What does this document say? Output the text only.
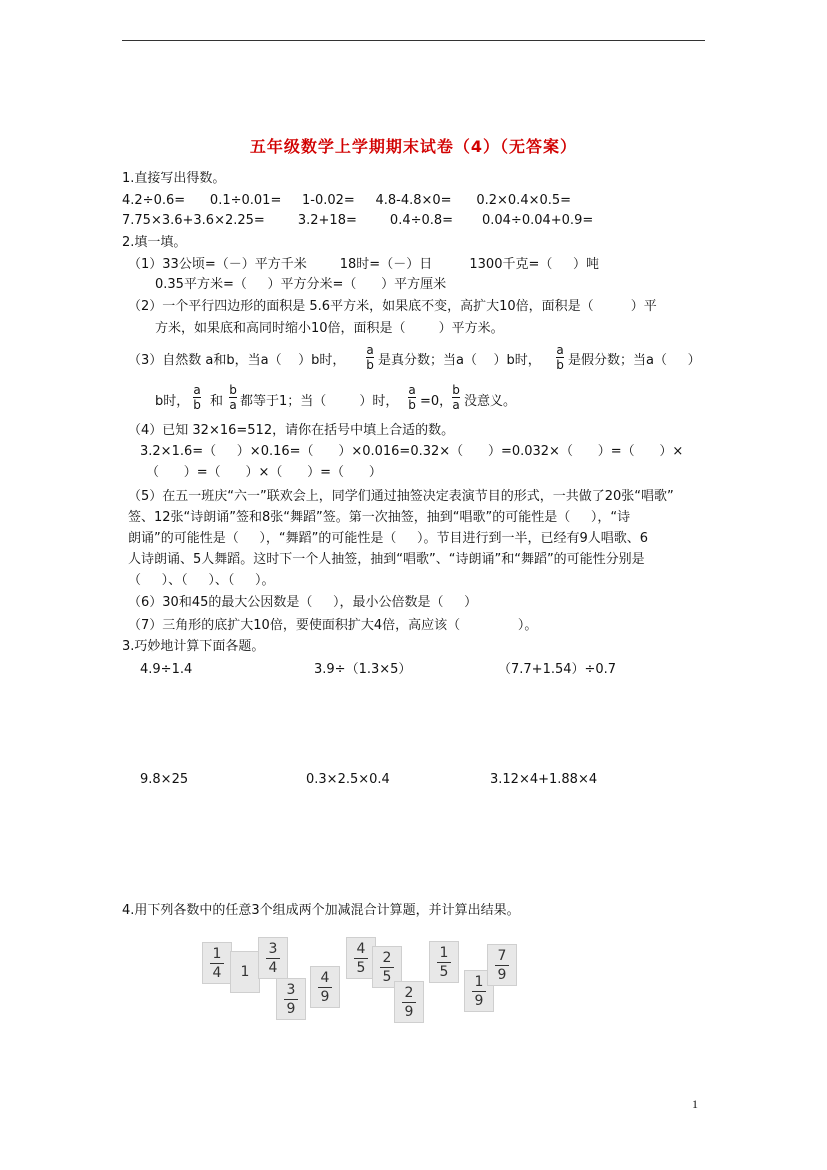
五年级数学上学期期末试卷（4）（无答案）
1.直接写出得数。
4.2÷0.6=      0.1÷0.01=     1-0.02=     4.8-4.8×0=      0.2×0.4×0.5=
7.75×3.6+3.6×2.25=        3.2+18=        0.4÷0.8=       0.04÷0.04+0.9=
2.填一填。
（1）33公顷=（－）平方千米        18时=（－）日         1300千克=（     ）吨
0.35平方米=（     ）平方分米=（      ）平方厘米
（2）一个平行四边形的面积是 5.6平方米，如果底不变，高扩大10倍，面积是（         ）平
方米，如果底和高同时缩小10倍，面积是（        ）平方米。
（3）自然数 a和b，当a（    ）b时，
a
b 是真分数；当a（    ）b时，
a
b 是假分数；当a（     ）
b时，
a
b 和
b
a 都等于1；当（        ）时，
a
b =0，
b
a 没意义。
（4）已知 32×16=512，请你在括号中填上合适的数。
3.2×1.6=（     ）×0.16=（      ）×0.016=0.32×（      ）=0.032×（      ）=（      ）×
（      ）=（      ）×（      ）=（      ）
（5）在五一班庆“六一”联欢会上，同学们通过抽签决定表演节目的形式，一共做了20张“唱歌”
签、12张“诗朗诵”签和8张“舞蹈”签。第一次抽签，抽到“唱歌”的可能性是（     ），“诗
朗诵”的可能性是（     ），“舞蹈”的可能性是（     ）。节目进行到一半，已经有9人唱歌、6
人诗朗诵、5人舞蹈。这时下一个人抽签，抽到“唱歌”、“诗朗诵”和“舞蹈”的可能性分别是
（     ）、（     ）、（     ）。
（6）30和45的最大公因数是（     ），最小公倍数是（     ）
（7）三角形的底扩大10倍，要使面积扩大4倍，高应该（              ）。
3.巧妙地计算下面各题。
4.9÷1.4	3.9÷（1.3×5）	（7.7+1.54）÷0.7
9.8×25	0.3×2.5×0.4	3.12×4+1.88×4
4.用下列各数中的任意3个组成两个加减混合计算题，并计算出结果。
1
4 1
3
4
3
9
4
9
4
5
2
5
2
9
1
5
1
9
7
9
1
